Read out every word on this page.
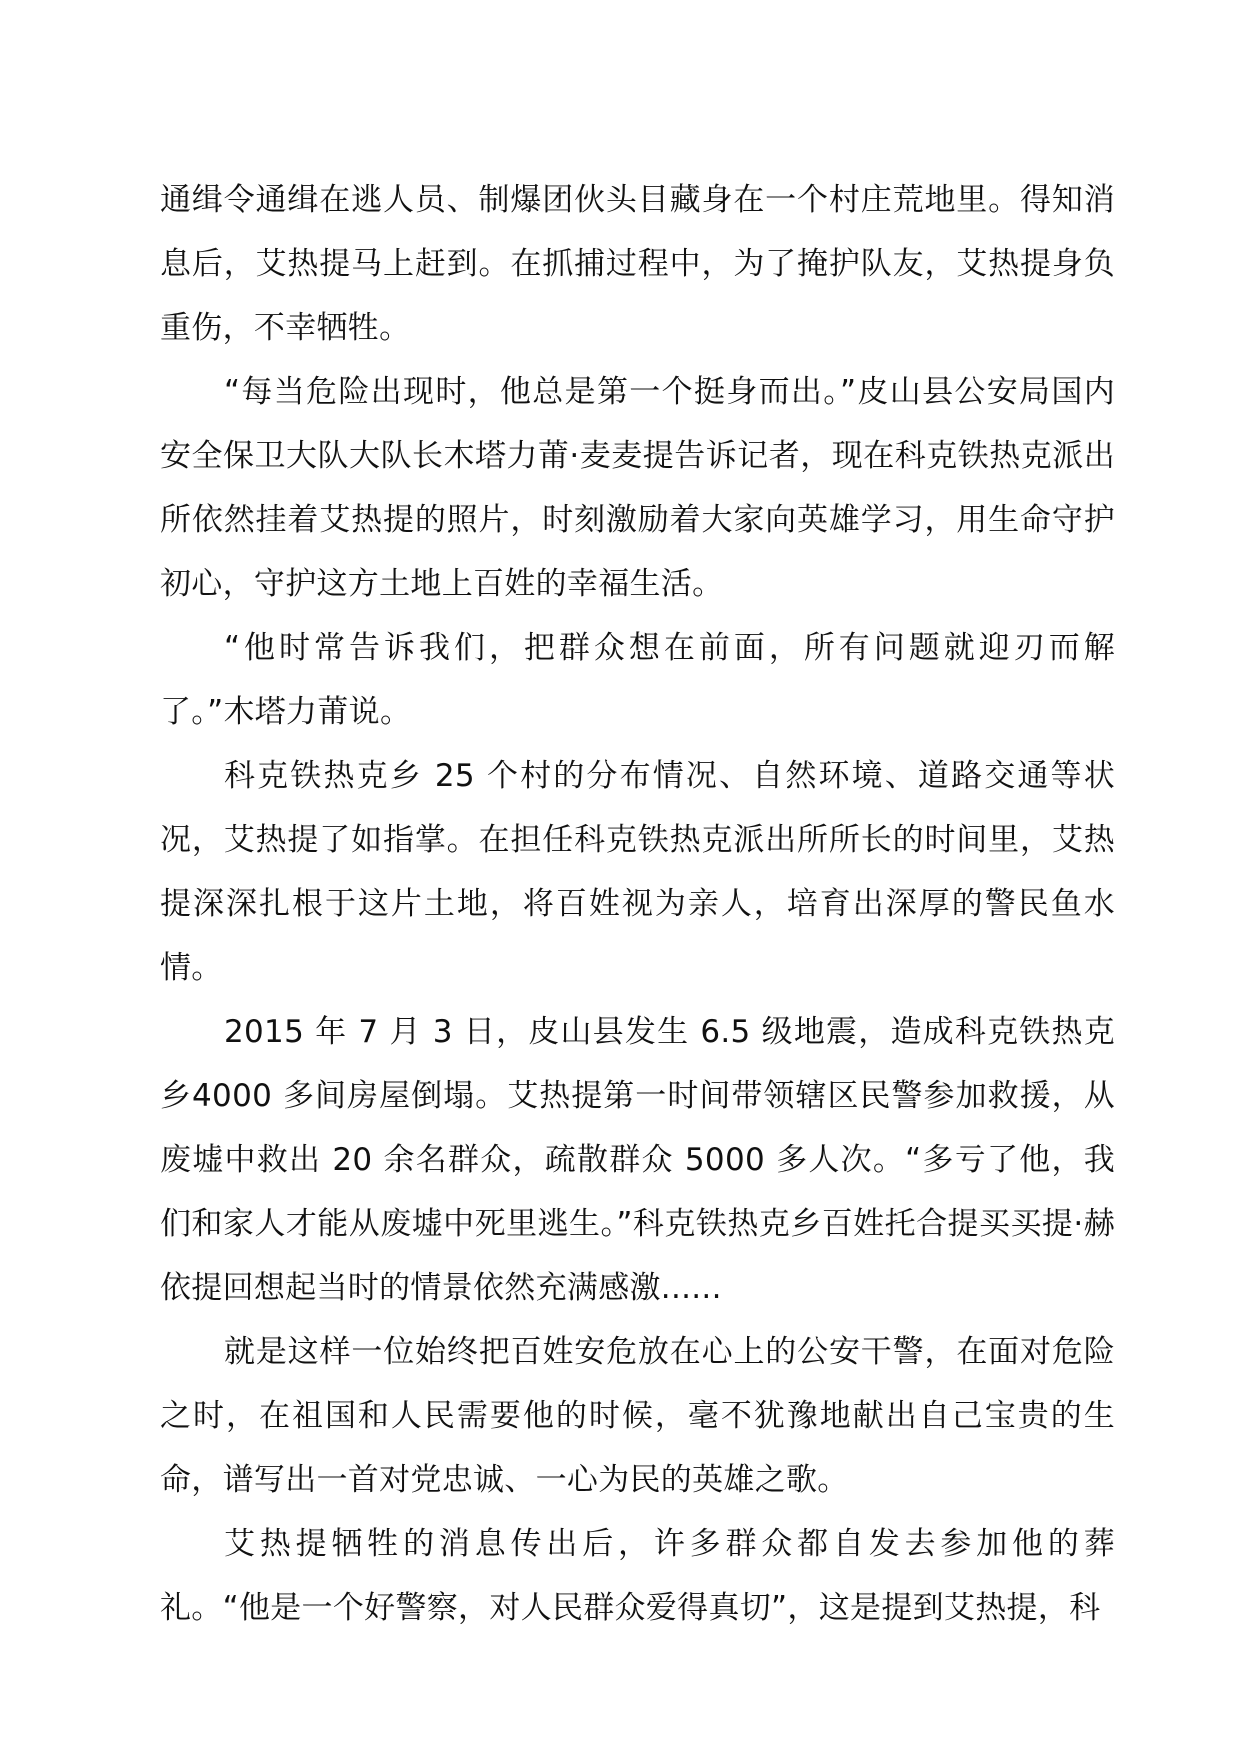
通缉令通缉在逃人员、制爆团伙头目藏身在一个村庄荒地里。得知消息后，艾热提马上赶到。在抓捕过程中，为了掩护队友，艾热提身负重伤，不幸牺牲。

“每当危险出现时，他总是第一个挺身而出。”皮山县公安局国内安全保卫大队大队长木塔力莆·麦麦提告诉记者，现在科克铁热克派出所依然挂着艾热提的照片，时刻激励着大家向英雄学习，用生命守护初心，守护这方土地上百姓的幸福生活。

“他时常告诉我们，把群众想在前面，所有问题就迎刃而解了。”木塔力莆说。

科克铁热克乡 25 个村的分布情况、自然环境、道路交通等状况，艾热提了如指掌。在担任科克铁热克派出所所长的时间里，艾热提深深扎根于这片土地，将百姓视为亲人，培育出深厚的警民鱼水情。

2015 年 7 月 3 日，皮山县发生 6.5 级地震，造成科克铁热克乡4000 多间房屋倒塌。艾热提第一时间带领辖区民警参加救援，从废墟中救出 20 余名群众，疏散群众 5000 多人次。“多亏了他，我们和家人才能从废墟中死里逃生。”科克铁热克乡百姓托合提买买提·赫依提回想起当时的情景依然充满感激......

就是这样一位始终把百姓安危放在心上的公安干警，在面对危险之时，在祖国和人民需要他的时候，毫不犹豫地献出自己宝贵的生命，谱写出一首对党忠诚、一心为民的英雄之歌。

艾热提牺牲的消息传出后，许多群众都自发去参加他的葬礼。“他是一个好警察，对人民群众爱得真切”，这是提到艾热提，科
